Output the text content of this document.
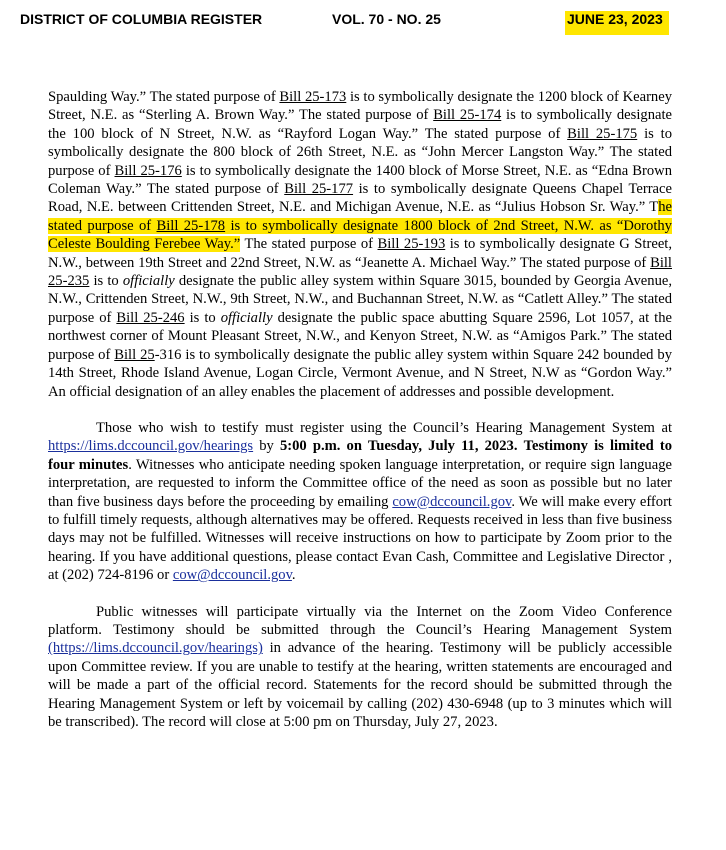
DISTRICT OF COLUMBIA REGISTER	VOL. 70 - NO. 25	JUNE 23, 2023

Spaulding Way.” The stated purpose of Bill 25-173 is to symbolically designate the 1200 block of Kearney Street, N.E. as “Sterling A. Brown Way.” The stated purpose of Bill 25-174 is to symbolically designate the 100 block of N Street, N.W. as “Rayford Logan Way.” The stated purpose of Bill 25-175 is to symbolically designate the 800 block of 26th Street, N.E. as “John Mercer Langston Way.” The stated purpose of Bill 25-176 is to symbolically designate the 1400 block of Morse Street, N.E. as “Edna Brown Coleman Way.” The stated purpose of Bill 25-177 is to symbolically designate Queens Chapel Terrace Road, N.E. between Crittenden Street, N.E. and Michigan Avenue, N.E. as “Julius Hobson Sr. Way.” The stated purpose of Bill 25-178 is to symbolically designate 1800 block of 2nd Street, N.W. as “Dorothy Celeste Boulding Ferebee Way.” The stated purpose of Bill 25-193 is to symbolically designate G Street, N.W., between 19th Street and 22nd Street, N.W. as “Jeanette A. Michael Way.” The stated purpose of Bill 25-235 is to officially designate the public alley system within Square 3015, bounded by Georgia Avenue, N.W., Crittenden Street, N.W., 9th Street, N.W., and Buchannan Street, N.W. as “Catlett Alley.” The stated purpose of Bill 25-246 is to officially designate the public space abutting Square 2596, Lot 1057, at the northwest corner of Mount Pleasant Street, N.W., and Kenyon Street, N.W. as “Amigos Park.” The stated purpose of Bill 25-316 is to symbolically designate the public alley system within Square 242 bounded by 14th Street, Rhode Island Avenue, Logan Circle, Vermont Avenue, and N Street, N.W as “Gordon Way.” An official designation of an alley enables the placement of addresses and possible development.

Those who wish to testify must register using the Council’s Hearing Management System at https://lims.dccouncil.gov/hearings by 5:00 p.m. on Tuesday, July 11, 2023. Testimony is limited to four minutes. Witnesses who anticipate needing spoken language interpretation, or require sign language interpretation, are requested to inform the Committee office of the need as soon as possible but no later than five business days before the proceeding by emailing cow@dccouncil.gov. We will make every effort to fulfill timely requests, although alternatives may be offered. Requests received in less than five business days may not be fulfilled. Witnesses will receive instructions on how to participate by Zoom prior to the hearing. If you have additional questions, please contact Evan Cash, Committee and Legislative Director , at (202) 724-8196 or cow@dccouncil.gov.

Public witnesses will participate virtually via the Internet on the Zoom Video Conference platform. Testimony should be submitted through the Council’s Hearing Management System (https://lims.dccouncil.gov/hearings) in advance of the hearing. Testimony will be publicly accessible upon Committee review. If you are unable to testify at the hearing, written statements are encouraged and will be made a part of the official record. Statements for the record should be submitted through the Hearing Management System or left by voicemail by calling (202) 430-6948 (up to 3 minutes which will be transcribed). The record will close at 5:00 pm on Thursday, July 27, 2023.
